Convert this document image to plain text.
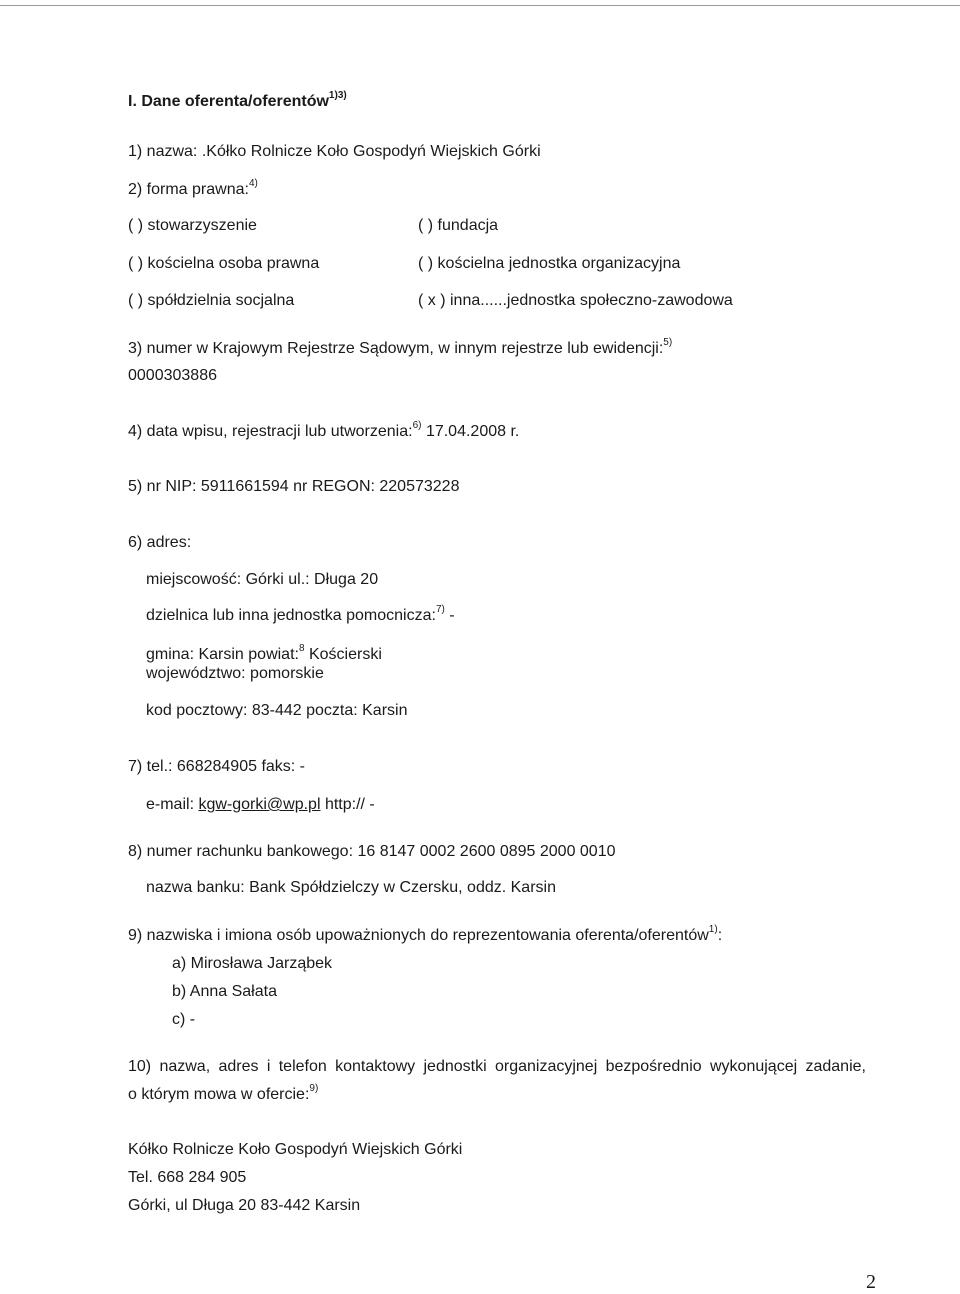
I. Dane oferenta/oferentów$^{1)3)}$
1) nazwa: .Kółko Rolnicze Koło Gospodyń Wiejskich Górki
2) forma prawna:$^{4)}$
( ) stowarzyszenie	( ) fundacja
( ) kościelna osoba prawna	( ) kościelna jednostka organizacyjna
( ) spółdzielnia socjalna	( x ) inna......jednostka społeczno-zawodowa
3) numer w Krajowym Rejestrze Sądowym, w innym rejestrze lub ewidencji:$^{5)}$
0000303886
4) data wpisu, rejestracji lub utworzenia:$^{6)}$ 17.04.2008 r.
5) nr NIP: 5911661594 nr REGON: 220573228
6) adres:
miejscowość: Górki ul.: Długa 20
dzielnica lub inna jednostka pomocnicza:$^{7)}$ -
gmina: Karsin powiat:$^8$ Kościerski
województwo: pomorskie
kod pocztowy: 83-442 poczta: Karsin
7) tel.: 668284905 faks: -
e-mail: kgw-gorki@wp.pl http:// -
8) numer rachunku bankowego: 16 8147 0002 2600 0895 2000 0010
nazwa banku: Bank Spółdzielczy w Czersku, oddz. Karsin
9) nazwiska i imiona osób upoważnionych do reprezentowania oferenta/oferentów$^{1)}$:
a) Mirosława Jarząbek
b) Anna Sałata
c) -
10) nazwa, adres i telefon kontaktowy jednostki organizacyjnej bezpośrednio wykonującej zadanie,
o którym mowa w ofercie:$^{9)}$
Kółko Rolnicze Koło Gospodyń Wiejskich Górki
Tel. 668 284 905
Górki, ul Długa 20 83-442 Karsin
2
